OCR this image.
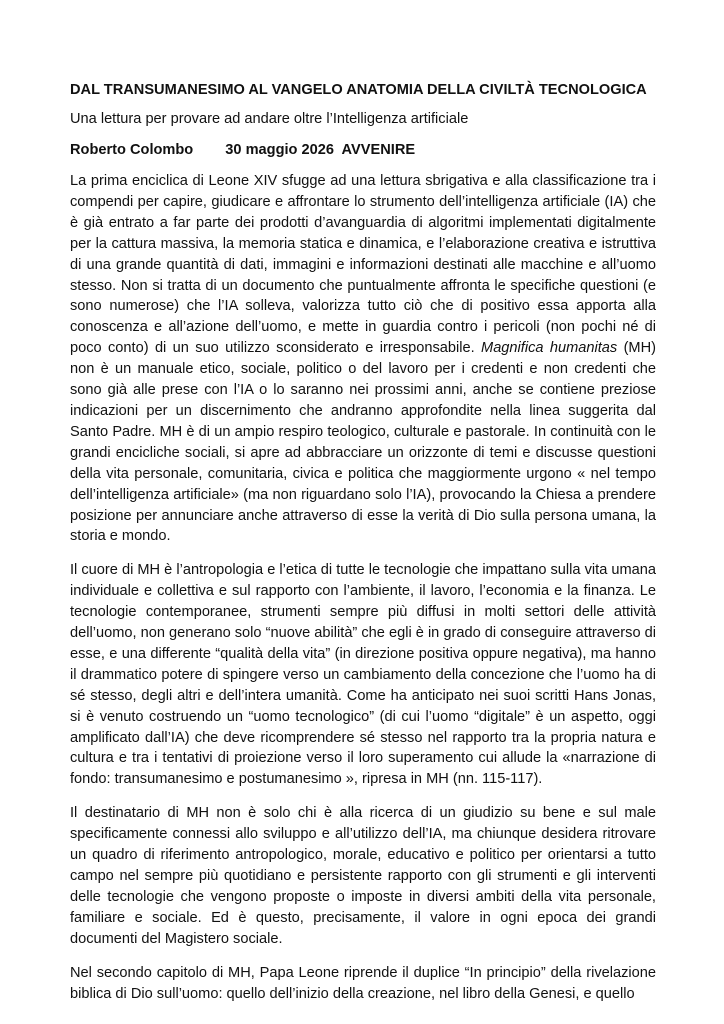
DAL TRANSUMANESIMO AL VANGELO ANATOMIA DELLA CIVILTÀ TECNOLOGICA
Una lettura per provare ad andare oltre l’Intelligenza artificiale
Roberto Colombo 30 maggio 2026  AVVENIRE

La prima enciclica di Leone XIV sfugge ad una lettura sbrigativa e alla classificazione tra i compendi per capire, giudicare e affrontare lo strumento dell’intelligenza artificiale (IA) che è già entrato a far parte dei prodotti d’avanguardia di algoritmi implementati digitalmente per la cattura massiva, la memoria statica e dinamica, e l’elaborazione creativa e istruttiva di una grande quantità di dati, immagini e informazioni destinati alle macchine e all’uomo stesso. Non si tratta di un documento che puntualmente affronta le specifiche questioni (e sono numerose) che l’IA solleva, valorizza tutto ciò che di positivo essa apporta alla conoscenza e all’azione dell’uomo, e mette in guardia contro i pericoli (non pochi né di poco conto) di un suo utilizzo sconsiderato e irresponsabile. Magnifica humanitas (MH) non è un manuale etico, sociale, politico o del lavoro per i credenti e non credenti che sono già alle prese con l’IA o lo saranno nei prossimi anni, anche se contiene preziose indicazioni per un discernimento che andranno approfondite nella linea suggerita dal Santo Padre. MH è di un ampio respiro teologico, culturale e pastorale. In continuità con le grandi encicliche sociali, si apre ad abbracciare un orizzonte di temi e discusse questioni della vita personale, comunitaria, civica e politica che maggiormente urgono « nel tempo dell’intelligenza artificiale» (ma non riguardano solo l’IA), provocando la Chiesa a prendere posizione per annunciare anche attraverso di esse la verità di Dio sulla persona umana, la storia e mondo.

Il cuore di MH è l’antropologia e l’etica di tutte le tecnologie che impattano sulla vita umana individuale e collettiva e sul rapporto con l’ambiente, il lavoro, l’economia e la finanza. Le tecnologie contemporanee, strumenti sempre più diffusi in molti settori delle attività dell’uomo, non generano solo “nuove abilità” che egli è in grado di conseguire attraverso di esse, e una differente “qualità della vita” (in direzione positiva oppure negativa), ma hanno il drammatico potere di spingere verso un cambiamento della concezione che l’uomo ha di sé stesso, degli altri e dell’intera umanità. Come ha anticipato nei suoi scritti Hans Jonas, si è venuto costruendo un “uomo tecnologico” (di cui l’uomo “digitale” è un aspetto, oggi amplificato dall’IA) che deve ricomprendere sé stesso nel rapporto tra la propria natura e cultura e tra i tentativi di proiezione verso il loro superamento cui allude la «narrazione di fondo: transumanesimo e postumanesimo », ripresa in MH (nn. 115-117).

Il destinatario di MH non è solo chi è alla ricerca di un giudizio su bene e sul male specificamente connessi allo sviluppo e all’utilizzo dell’IA, ma chiunque desidera ritrovare un quadro di riferimento antropologico, morale, educativo e politico per orientarsi a tutto campo nel sempre più quotidiano e persistente rapporto con gli strumenti e gli interventi delle tecnologie che vengono proposte o imposte in diversi ambiti della vita personale, familiare e sociale. Ed è questo, precisamente, il valore in ogni epoca dei grandi documenti del Magistero sociale.

Nel secondo capitolo di MH, Papa Leone riprende il duplice “In principio” della rivelazione biblica di Dio sull’uomo: quello dell’inizio della creazione, nel libro della Genesi, e quello
